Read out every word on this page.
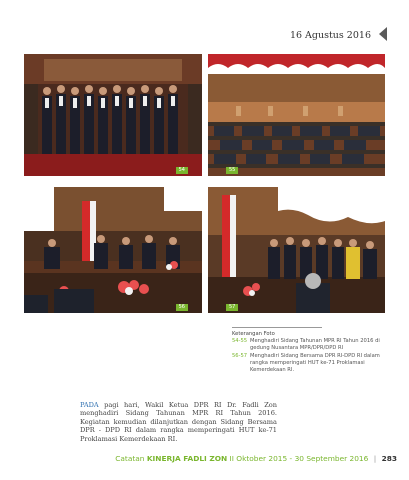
16 Agustus 2016
54	55
56	57
Keterangan Foto
54-55 Menghadiri Sidang Tahunan MPR RI Tahun 2016 di gedung Nusantara MPR/DPR/DPD RI
56-57 Menghadiri Sidang Bersama DPR RI-DPD RI dalam rangka memperingati HUT ke-71 Proklamasi Kemerdekaan RI.
PADA pagi hari, Wakil Ketua DPR RI Dr. Fadli Zon menghadiri Sidang Tahunan MPR RI Tahun 2016. Kegiatan kemudian dilanjutkan dengan Sidang Bersama DPR - DPD RI dalam rangka memperingati HUT ke-71 Proklamasi Kemerdekaan RI.
Catatan KINERJA FADLI ZON II Oktober 2015 - 30 September 2016 | 283
